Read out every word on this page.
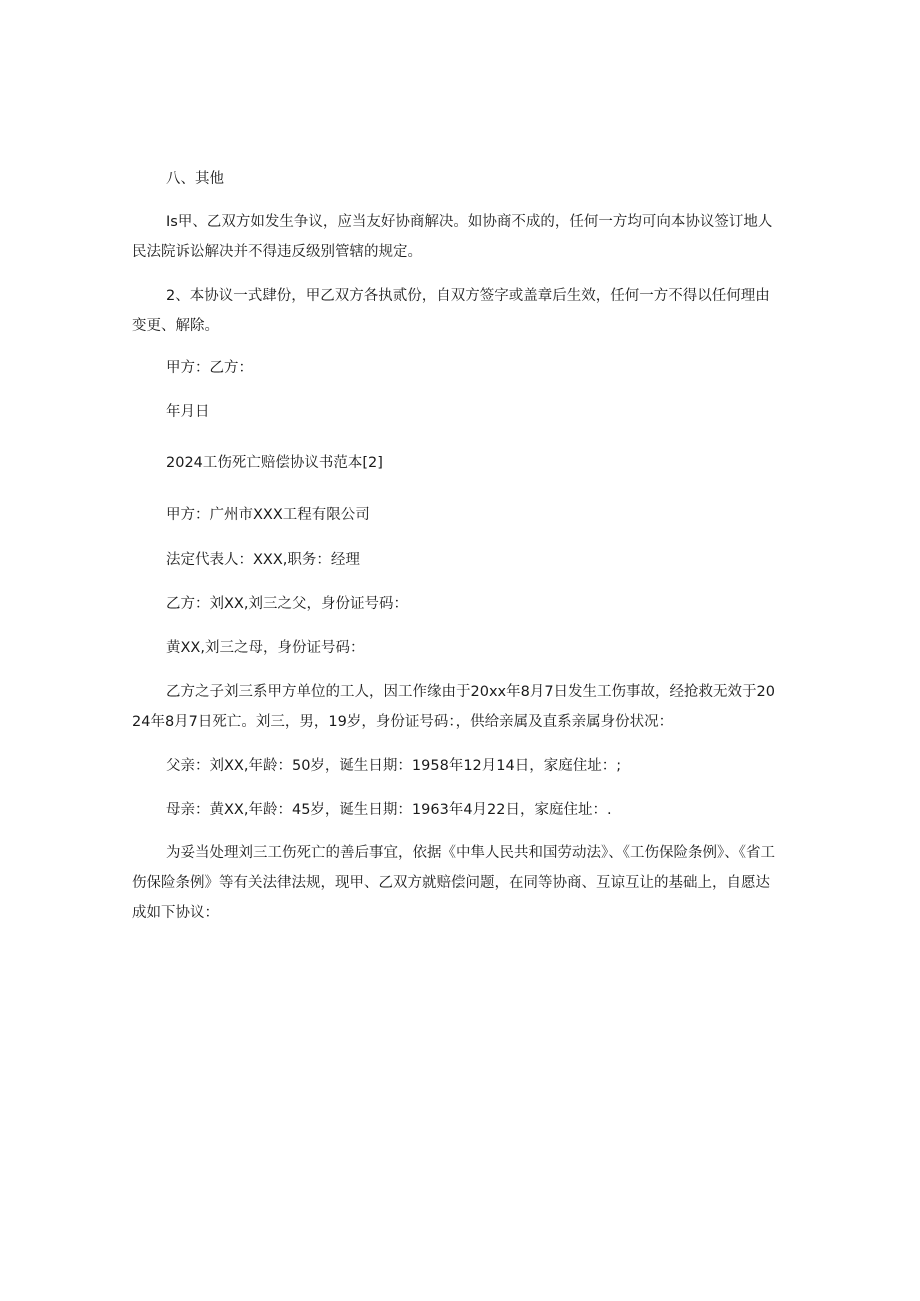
八、其他

Is甲、乙双方如发生争议，应当友好协商解决。如协商不成的，任何一方均可向本协议签订地人民法院诉讼解决并不得违反级别管辖的规定。

2、本协议一式肆份，甲乙双方各执贰份，自双方签字或盖章后生效，任何一方不得以任何理由变更、解除。

甲方：乙方：

年月日

2024工伤死亡赔偿协议书范本[2]

甲方：广州市XXX工程有限公司

法定代表人：XXX,职务：经理

乙方：刘XX,刘三之父，身份证号码：

黄XX,刘三之母，身份证号码：

乙方之子刘三系甲方单位的工人，因工作缘由于20xx年8月7日发生工伤事故，经抢救无效于2024年8月7日死亡。刘三，男，19岁，身份证号码：，供给亲属及直系亲属身份状况：

父亲：刘XX,年龄：50岁，诞生日期：1958年12月14日，家庭住址：;

母亲：黄XX,年龄：45岁，诞生日期：1963年4月22日，家庭住址：.

为妥当处理刘三工伤死亡的善后事宜，依据《中隼人民共和国劳动法》、《工伤保险条例》、《省工伤保险条例》等有关法律法规，现甲、乙双方就赔偿问题，在同等协商、互谅互让的基础上，自愿达成如下协议：
